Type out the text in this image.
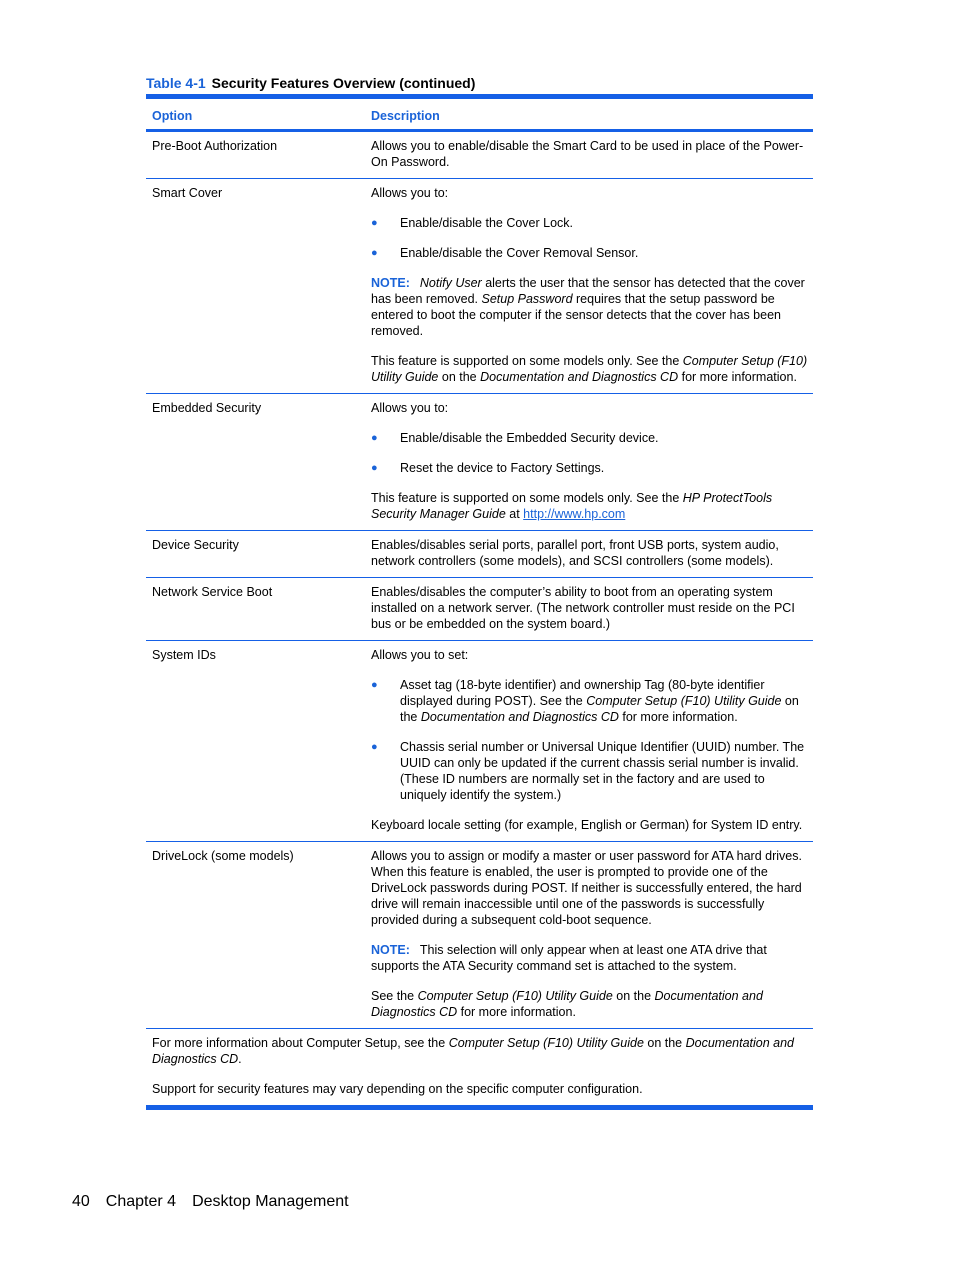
Table 4-1 Security Features Overview (continued)
Option	Description
Pre-Boot Authorization	Allows you to enable/disable the Smart Card to be used in place of the Power-On Password.
Smart Cover	Allows you to:
●	Enable/disable the Cover Lock.
●	Enable/disable the Cover Removal Sensor.
NOTE: Notify User alerts the user that the sensor has detected that the cover has been removed. Setup Password requires that the setup password be entered to boot the computer if the sensor detects that the cover has been removed.
This feature is supported on some models only. See the Computer Setup (F10) Utility Guide on the Documentation and Diagnostics CD for more information.
Embedded Security	Allows you to:
●	Enable/disable the Embedded Security device.
●	Reset the device to Factory Settings.
This feature is supported on some models only. See the HP ProtectTools Security Manager Guide at http://www.hp.com
Device Security	Enables/disables serial ports, parallel port, front USB ports, system audio, network controllers (some models), and SCSI controllers (some models).
Network Service Boot	Enables/disables the computer’s ability to boot from an operating system installed on a network server. (The network controller must reside on the PCI bus or be embedded on the system board.)
System IDs	Allows you to set:
●	Asset tag (18-byte identifier) and ownership Tag (80-byte identifier displayed during POST). See the Computer Setup (F10) Utility Guide on the Documentation and Diagnostics CD for more information.
●	Chassis serial number or Universal Unique Identifier (UUID) number. The UUID can only be updated if the current chassis serial number is invalid. (These ID numbers are normally set in the factory and are used to uniquely identify the system.)
Keyboard locale setting (for example, English or German) for System ID entry.
DriveLock (some models)	Allows you to assign or modify a master or user password for ATA hard drives. When this feature is enabled, the user is prompted to provide one of the DriveLock passwords during POST. If neither is successfully entered, the hard drive will remain inaccessible until one of the passwords is successfully provided during a subsequent cold-boot sequence.
NOTE: This selection will only appear when at least one ATA drive that supports the ATA Security command set is attached to the system.
See the Computer Setup (F10) Utility Guide on the Documentation and Diagnostics CD for more information.
For more information about Computer Setup, see the Computer Setup (F10) Utility Guide on the Documentation and Diagnostics CD.
Support for security features may vary depending on the specific computer configuration.
40 Chapter 4 Desktop Management
